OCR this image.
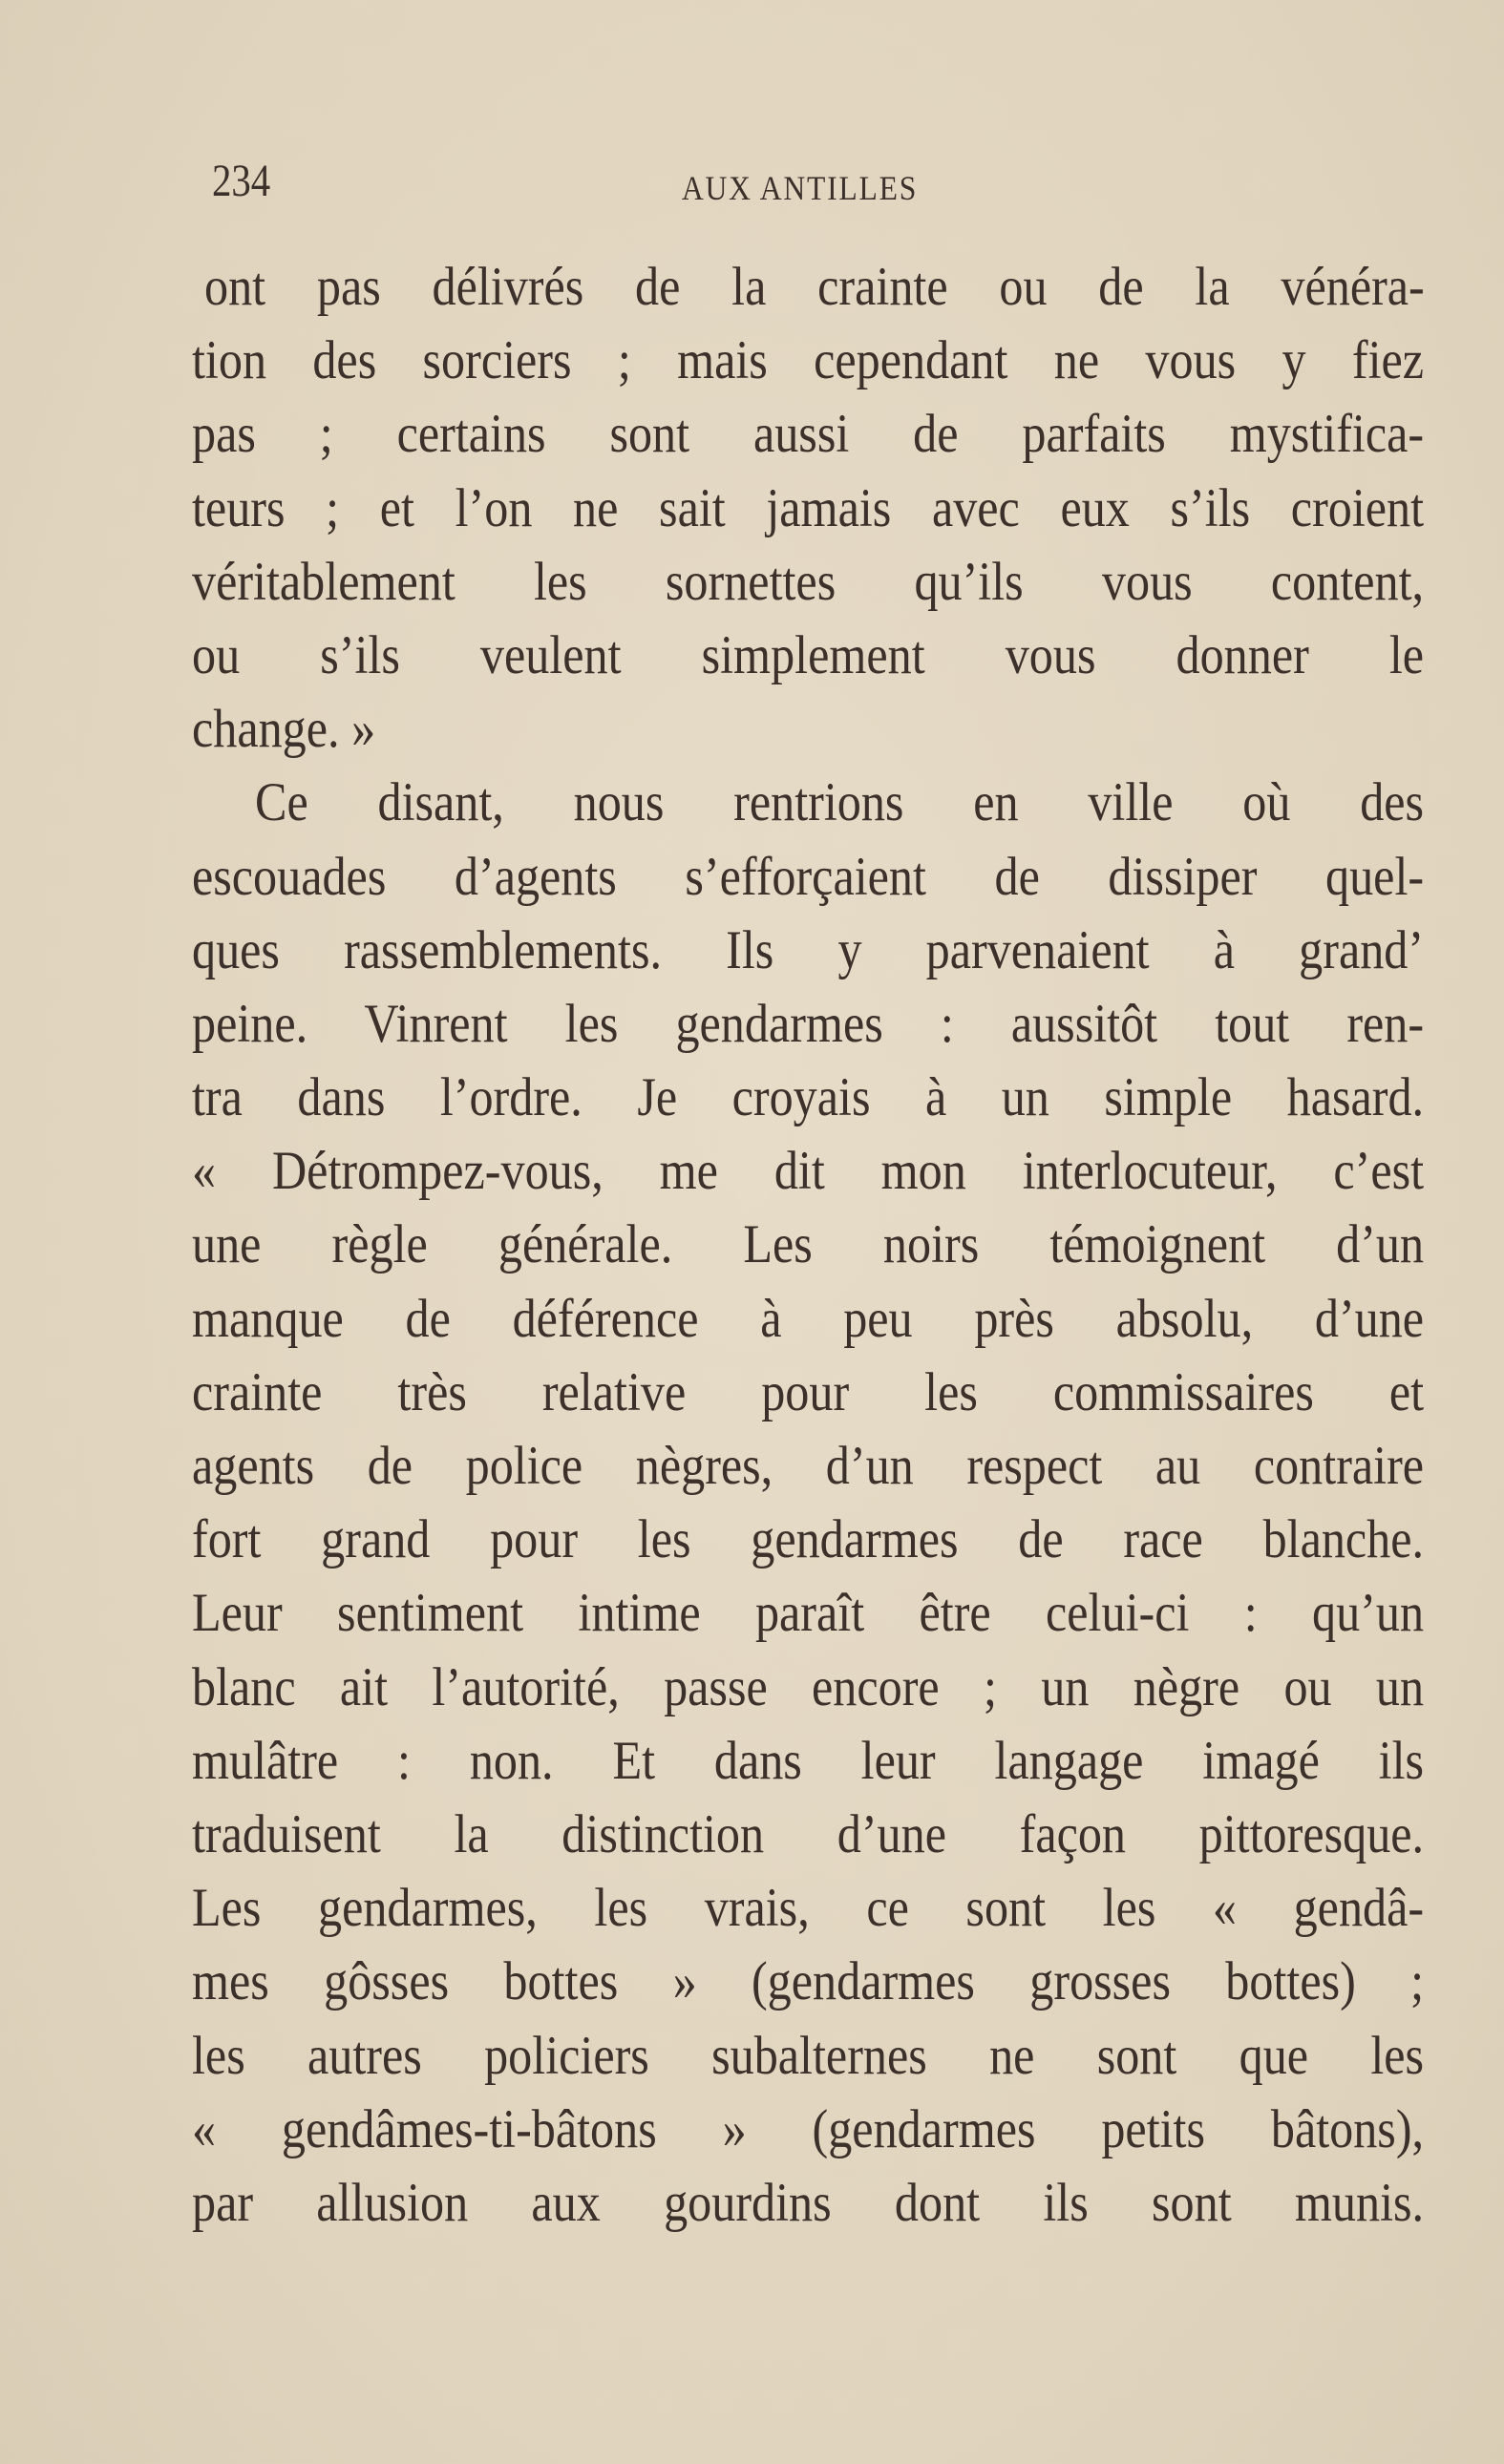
234	AUX ANTILLES
ont pas délivrés de la crainte ou de la vénéra-
tion des sorciers ; mais cependant ne vous y fiez
pas ; certains sont aussi de parfaits mystifica-
teurs ; et l’on ne sait jamais avec eux s’ils croient
véritablement les sornettes qu’ils vous content,
ou s’ils veulent simplement vous donner le
change. »
Ce disant, nous rentrions en ville où des
escouades d’agents s’efforçaient de dissiper quel-
ques rassemblements. Ils y parvenaient à grand’
peine. Vinrent les gendarmes : aussitôt tout ren-
tra dans l’ordre. Je croyais à un simple hasard.
« Détrompez-vous, me dit mon interlocuteur, c’est
une règle générale. Les noirs témoignent d’un
manque de déférence à peu près absolu, d’une
crainte très relative pour les commissaires et
agents de police nègres, d’un respect au contraire
fort grand pour les gendarmes de race blanche.
Leur sentiment intime paraît être celui-ci : qu’un
blanc ait l’autorité, passe encore ; un nègre ou un
mulâtre : non. Et dans leur langage imagé ils
traduisent la distinction d’une façon pittoresque.
Les gendarmes, les vrais, ce sont les « gendâ-
mes gôsses bottes » (gendarmes grosses bottes) ;
les autres policiers subalternes ne sont que les
« gendâmes-ti-bâtons » (gendarmes petits bâtons),
par allusion aux gourdins dont ils sont munis.
